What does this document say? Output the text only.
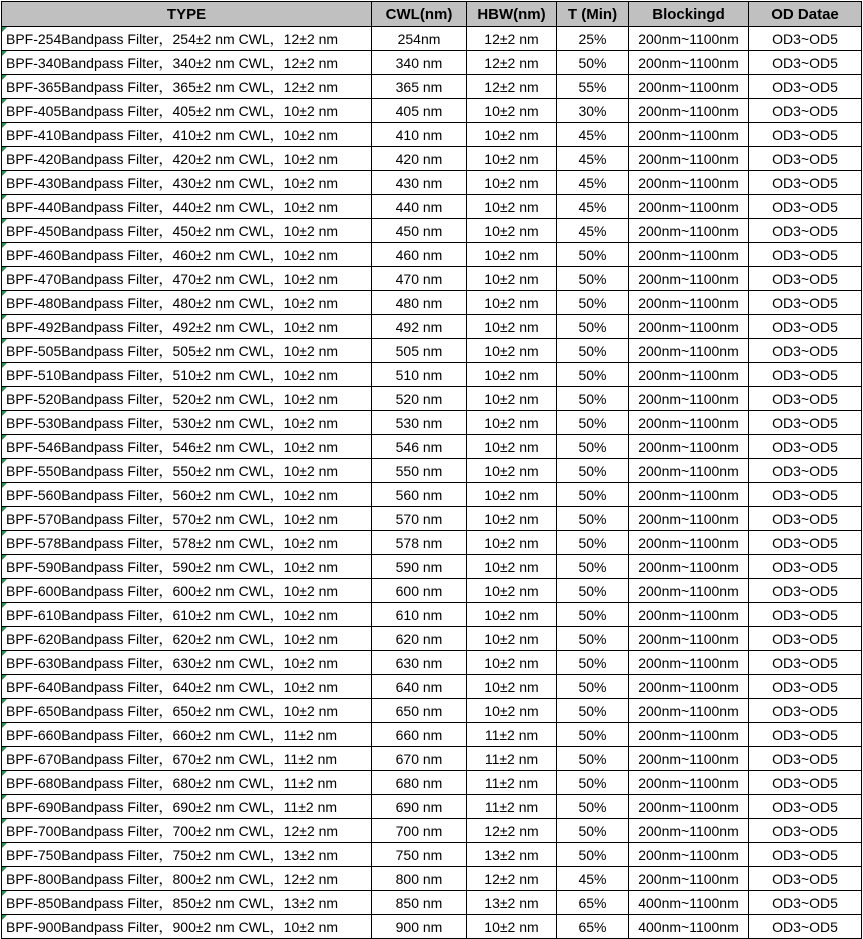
TYPE	CWL(nm)	HBW(nm)	T (Min)	Blockingd	OD Datae
BPF-254Bandpass Filter，254±2 nm CWL，12±2 nm	254nm	12±2 nm	25%	200nm~1100nm	OD3~OD5
BPF-340Bandpass Filter，340±2 nm CWL，12±2 nm	340 nm	12±2 nm	50%	200nm~1100nm	OD3~OD5
BPF-365Bandpass Filter，365±2 nm CWL，12±2 nm	365 nm	12±2 nm	55%	200nm~1100nm	OD3~OD5
BPF-405Bandpass Filter，405±2 nm CWL，10±2 nm	405 nm	10±2 nm	30%	200nm~1100nm	OD3~OD5
BPF-410Bandpass Filter，410±2 nm CWL，10±2 nm	410 nm	10±2 nm	45%	200nm~1100nm	OD3~OD5
BPF-420Bandpass Filter，420±2 nm CWL，10±2 nm	420 nm	10±2 nm	45%	200nm~1100nm	OD3~OD5
BPF-430Bandpass Filter，430±2 nm CWL，10±2 nm	430 nm	10±2 nm	45%	200nm~1100nm	OD3~OD5
BPF-440Bandpass Filter，440±2 nm CWL，10±2 nm	440 nm	10±2 nm	45%	200nm~1100nm	OD3~OD5
BPF-450Bandpass Filter，450±2 nm CWL，10±2 nm	450 nm	10±2 nm	45%	200nm~1100nm	OD3~OD5
BPF-460Bandpass Filter，460±2 nm CWL，10±2 nm	460 nm	10±2 nm	50%	200nm~1100nm	OD3~OD5
BPF-470Bandpass Filter，470±2 nm CWL，10±2 nm	470 nm	10±2 nm	50%	200nm~1100nm	OD3~OD5
BPF-480Bandpass Filter，480±2 nm CWL，10±2 nm	480 nm	10±2 nm	50%	200nm~1100nm	OD3~OD5
BPF-492Bandpass Filter，492±2 nm CWL，10±2 nm	492 nm	10±2 nm	50%	200nm~1100nm	OD3~OD5
BPF-505Bandpass Filter，505±2 nm CWL，10±2 nm	505 nm	10±2 nm	50%	200nm~1100nm	OD3~OD5
BPF-510Bandpass Filter，510±2 nm CWL，10±2 nm	510 nm	10±2 nm	50%	200nm~1100nm	OD3~OD5
BPF-520Bandpass Filter，520±2 nm CWL，10±2 nm	520 nm	10±2 nm	50%	200nm~1100nm	OD3~OD5
BPF-530Bandpass Filter，530±2 nm CWL，10±2 nm	530 nm	10±2 nm	50%	200nm~1100nm	OD3~OD5
BPF-546Bandpass Filter，546±2 nm CWL，10±2 nm	546 nm	10±2 nm	50%	200nm~1100nm	OD3~OD5
BPF-550Bandpass Filter，550±2 nm CWL，10±2 nm	550 nm	10±2 nm	50%	200nm~1100nm	OD3~OD5
BPF-560Bandpass Filter，560±2 nm CWL，10±2 nm	560 nm	10±2 nm	50%	200nm~1100nm	OD3~OD5
BPF-570Bandpass Filter，570±2 nm CWL，10±2 nm	570 nm	10±2 nm	50%	200nm~1100nm	OD3~OD5
BPF-578Bandpass Filter，578±2 nm CWL，10±2 nm	578 nm	10±2 nm	50%	200nm~1100nm	OD3~OD5
BPF-590Bandpass Filter，590±2 nm CWL，10±2 nm	590 nm	10±2 nm	50%	200nm~1100nm	OD3~OD5
BPF-600Bandpass Filter，600±2 nm CWL，10±2 nm	600 nm	10±2 nm	50%	200nm~1100nm	OD3~OD5
BPF-610Bandpass Filter，610±2 nm CWL，10±2 nm	610 nm	10±2 nm	50%	200nm~1100nm	OD3~OD5
BPF-620Bandpass Filter，620±2 nm CWL，10±2 nm	620 nm	10±2 nm	50%	200nm~1100nm	OD3~OD5
BPF-630Bandpass Filter，630±2 nm CWL，10±2 nm	630 nm	10±2 nm	50%	200nm~1100nm	OD3~OD5
BPF-640Bandpass Filter，640±2 nm CWL，10±2 nm	640 nm	10±2 nm	50%	200nm~1100nm	OD3~OD5
BPF-650Bandpass Filter，650±2 nm CWL，10±2 nm	650 nm	10±2 nm	50%	200nm~1100nm	OD3~OD5
BPF-660Bandpass Filter，660±2 nm CWL，11±2 nm	660 nm	11±2 nm	50%	200nm~1100nm	OD3~OD5
BPF-670Bandpass Filter，670±2 nm CWL，11±2 nm	670 nm	11±2 nm	50%	200nm~1100nm	OD3~OD5
BPF-680Bandpass Filter，680±2 nm CWL，11±2 nm	680 nm	11±2 nm	50%	200nm~1100nm	OD3~OD5
BPF-690Bandpass Filter，690±2 nm CWL，11±2 nm	690 nm	11±2 nm	50%	200nm~1100nm	OD3~OD5
BPF-700Bandpass Filter，700±2 nm CWL，12±2 nm	700 nm	12±2 nm	50%	200nm~1100nm	OD3~OD5
BPF-750Bandpass Filter，750±2 nm CWL，13±2 nm	750 nm	13±2 nm	50%	200nm~1100nm	OD3~OD5
BPF-800Bandpass Filter，800±2 nm CWL，12±2 nm	800 nm	12±2 nm	45%	200nm~1100nm	OD3~OD5
BPF-850Bandpass Filter，850±2 nm CWL，13±2 nm	850 nm	13±2 nm	65%	400nm~1100nm	OD3~OD5
BPF-900Bandpass Filter，900±2 nm CWL，10±2 nm	900 nm	10±2 nm	65%	400nm~1100nm	OD3~OD5
